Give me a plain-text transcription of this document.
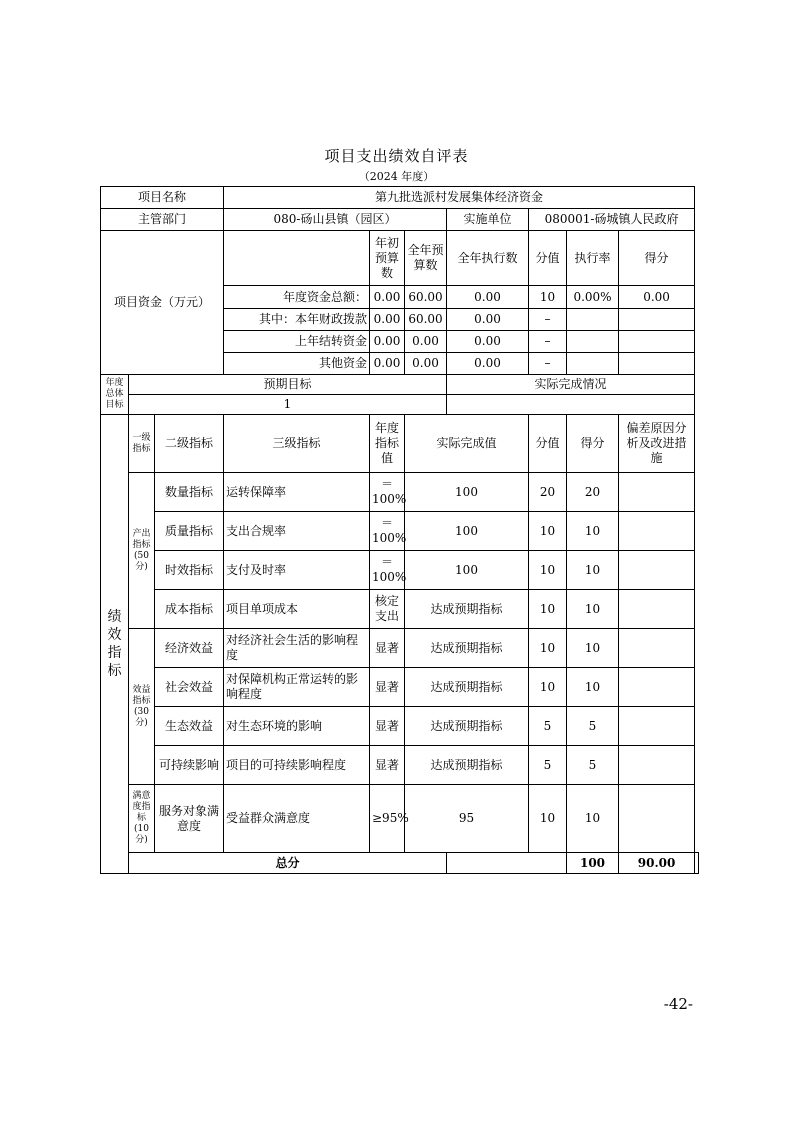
项目支出绩效自评表
（2024 年度）
项目名称			第九批选派村发展集体经济资金							
主管部门			080-砀山县镇（园区）			实施单位	080001-砀城镇人民政府			
项目资金（万元）				年初预算数	全年预算数	全年执行数	分值	执行率	得分	
			年度资金总额：	0.00	60.00	0.00	10	0.00%	0.00	
			其中：本年财政拨款	0.00	60.00	0.00	–			
			上年结转资金	0.00	0.00	0.00	–			
			其他资金	0.00	0.00	0.00	–			
年度总体目标	预期目标					实际完成情况				
	1									
绩效指标	一级指标	二级指标	三级指标	年度指标值	实际完成值		分值	得分	偏差原因分析及改进措施	
	产出指标(50分)	数量指标	运转保障率	＝100%	100		20	20		
		质量指标	支出合规率	＝100%	100		10	10		
		时效指标	支付及时率	＝100%	100		10	10		
		成本指标	项目单项成本	核定支出	达成预期指标		10	10		
	效益指标(30分)	经济效益	对经济社会生活的影响程度	显著	达成预期指标		10	10		
		社会效益	对保障机构正常运转的影响程度	显著	达成预期指标		10	10		
		生态效益	对生态环境的影响	显著	达成预期指标		5	5		
		可持续影响	项目的可持续影响程度	显著	达成预期指标		5	5		
	满意度指标(10分)	服务对象满意度	受益群众满意度	≥95%	95		10	10		
	总分							100	90.00	
-42-
